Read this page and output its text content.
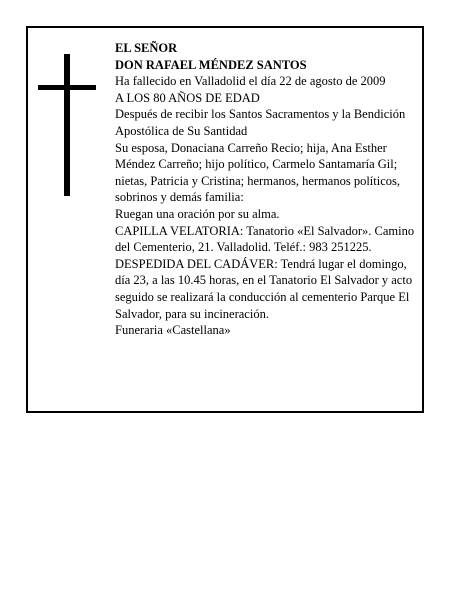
EL SEÑOR

DON RAFAEL MÉNDEZ SANTOS

Ha fallecido en Valladolid el día 22 de agosto de 2009

A LOS 80 AÑOS DE EDAD

Después de recibir los Santos Sacramentos y la Bendición Apostólica de Su Santidad

Su esposa, Donaciana Carreño Recio; hija, Ana Esther Méndez Carreño; hijo político, Carmelo Santamaría Gil; nietas, Patricia y Cristina; hermanos, hermanos políticos, sobrinos y demás familia:

Ruegan una oración por su alma.

CAPILLA VELATORIA: Tanatorio «El Salvador». Camino del Cementerio, 21. Valladolid. Teléf.: 983 251225.

DESPEDIDA DEL CADÁVER: Tendrá lugar el domingo, día 23, a las 10.45 horas, en el Tanatorio El Salvador y acto seguido se realizará la conducción al cementerio Parque El Salvador, para su incineración.

Funeraria «Castellana»
